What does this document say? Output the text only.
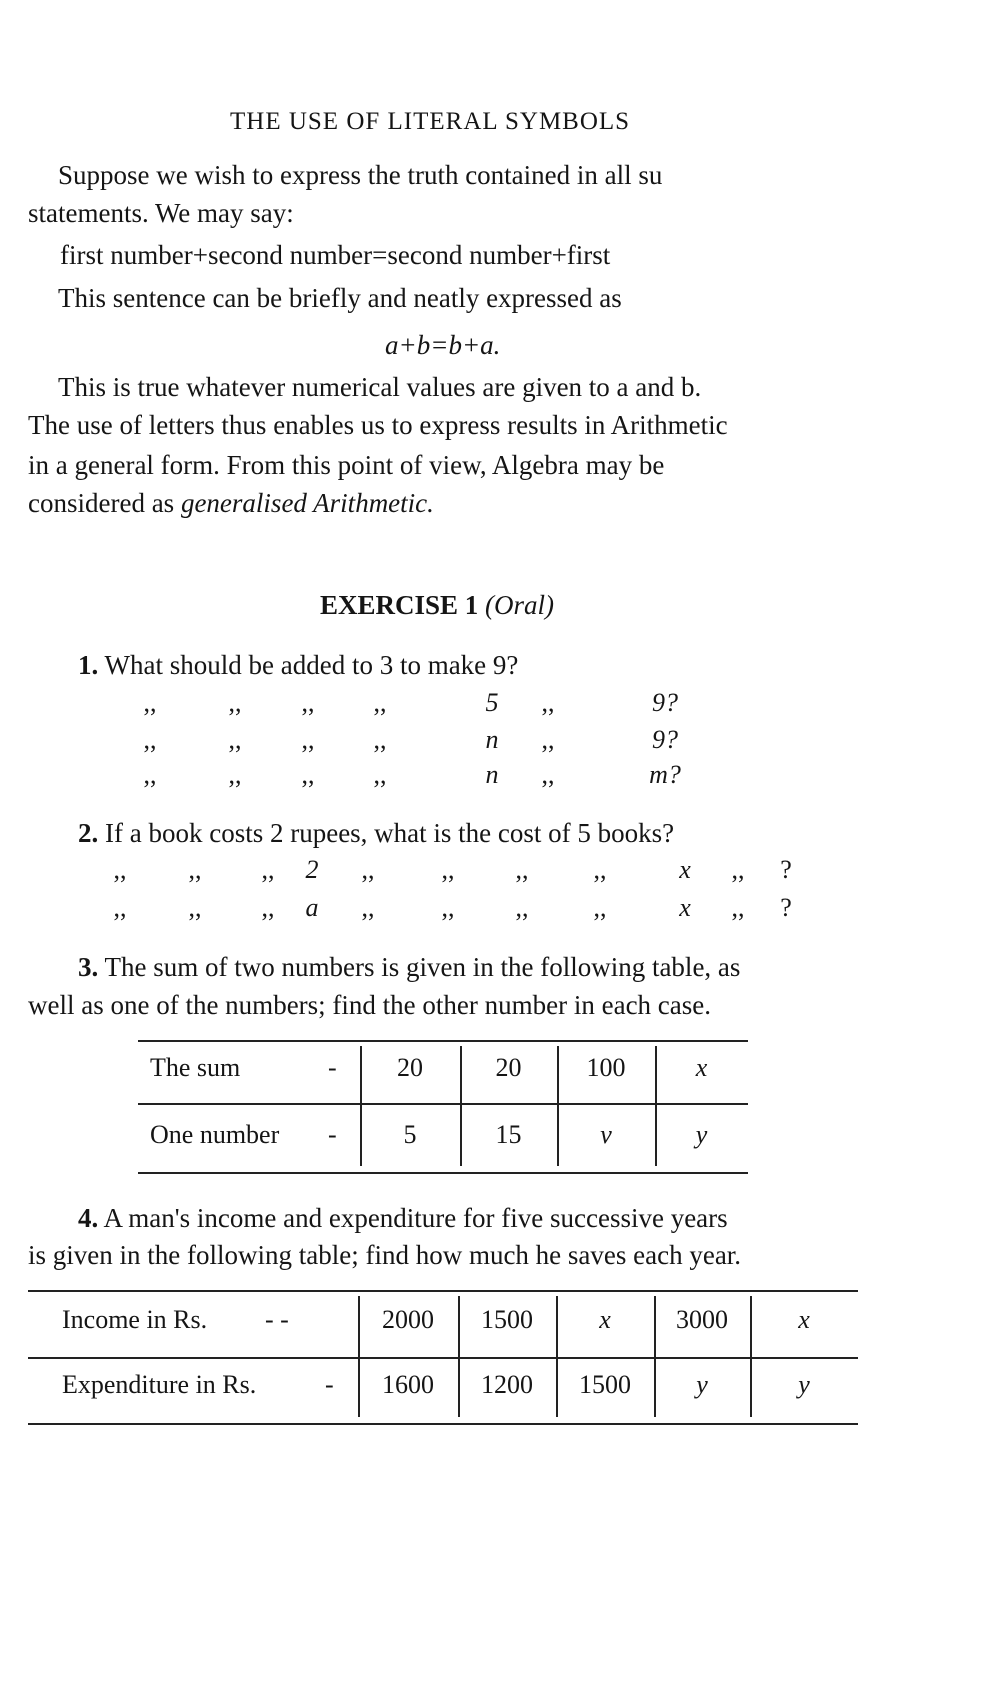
THE USE OF LITERAL SYMBOLS
Suppose we wish to express the truth contained in all su
statements. We may say:
first number+second number=second number+first
This sentence can be briefly and neatly expressed as
a+b=b+a.
This is true whatever numerical values are given to a and b.
The use of letters thus enables us to express results in Arithmetic
in a general form. From this point of view, Algebra may be
considered as generalised Arithmetic.
EXERCISE 1 (Oral)
1. What should be added to 3 to make 9?
,,	,, ,, ,,	5 ,,	9?
,,	,, ,, ,,	n ,,	9?
,,	,, ,, ,,	n ,,	m?
2. If a book costs 2 rupees, what is the cost of 5 books?
,, ,, ,, 2 ,,	,, ,,	,,	x ,, ?
,, ,, ,, a ,,	,, ,,	,,	x ,, ?
3. The sum of two numbers is given in the following table, as
well as one of the numbers; find the other number in each case.
The sum	- 20	20	100	x
One number -	5	15	v	y
4. A man's income and expenditure for five successive years
is given in the following table; find how much he saves each year.
Income in Rs. - -	2000 1500	x	3000	x
Expenditure in Rs.	- 1600 1200 1500	y	y
